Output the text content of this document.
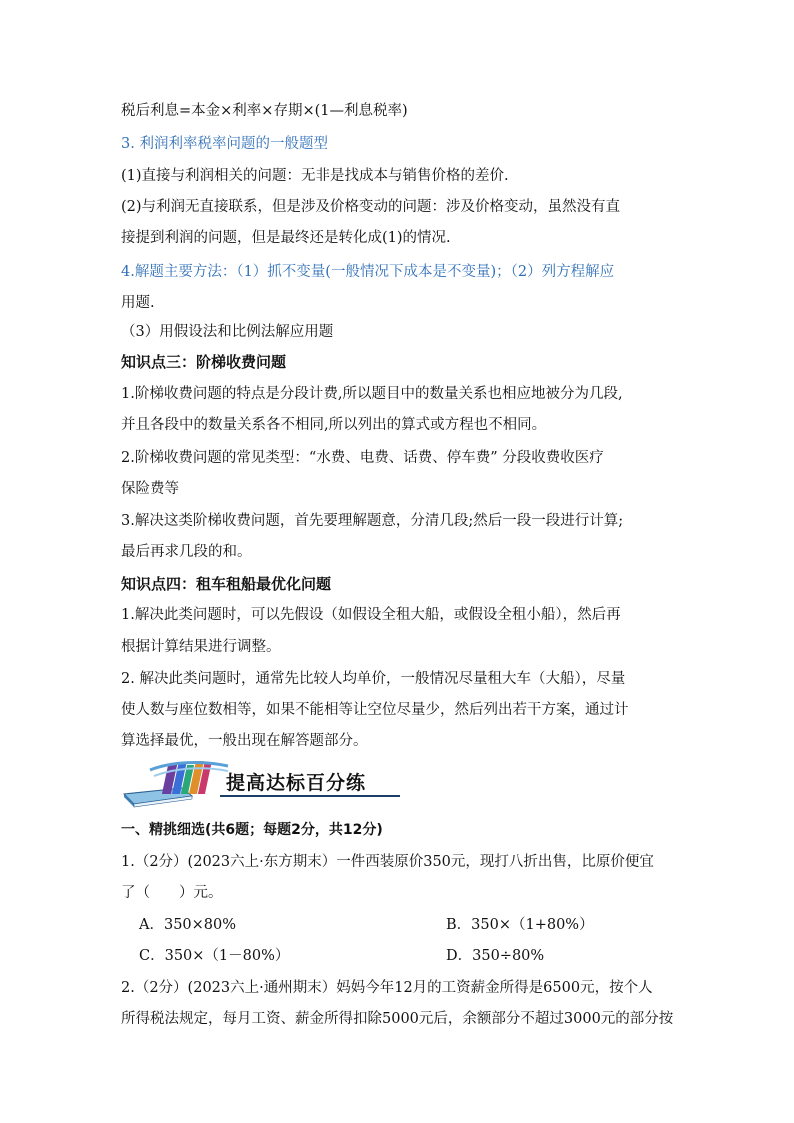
税后利息=本金×利率×存期×(1—利息税率)
3. 利润利率税率问题的一般题型
(1)直接与利润相关的问题：无非是找成本与销售价格的差价.
(2)与利润无直接联系，但是涉及价格变动的问题：涉及价格变动，虽然没有直
接提到利润的问题，但是最终还是转化成(1)的情况.
4.解题主要方法：（1）抓不变量(一般情况下成本是不变量)；（2）列方程解应
用题.
（3）用假设法和比例法解应用题
知识点三：阶梯收费问题
1.阶梯收费问题的特点是分段计费,所以题目中的数量关系也相应地被分为几段,
并且各段中的数量关系各不相同,所以列出的算式或方程也不相同。
2.阶梯收费问题的常见类型：“水费、电费、话费、停车费” 分段收费收医疗
保险费等
3.解决这类阶梯收费问题，首先要理解题意，分清几段;然后一段一段进行计算;
最后再求几段的和。
知识点四：租车租船最优化问题
1.解决此类问题时，可以先假设（如假设全租大船，或假设全租小船），然后再
根据计算结果进行调整。
2. 解决此类问题时，通常先比较人均单价，一般情况尽量租大车（大船），尽量
使人数与座位数相等，如果不能相等让空位尽量少，然后列出若干方案，通过计
算选择最优，一般出现在解答题部分。
提高达标百分练
一、精挑细选(共6题；每题2分，共12分)
1.（2分）(2023六上·东方期末）一件西装原价350元，现打八折出售，比原价便宜
了（　　）元。
A．350×80%	B．350×（1+80%）
C．350×（1－80%）	D．350÷80%
2.（2分）(2023六上·通州期末）妈妈今年12月的工资薪金所得是6500元，按个人
所得税法规定，每月工资、薪金所得扣除5000元后，余额部分不超过3000元的部分按
